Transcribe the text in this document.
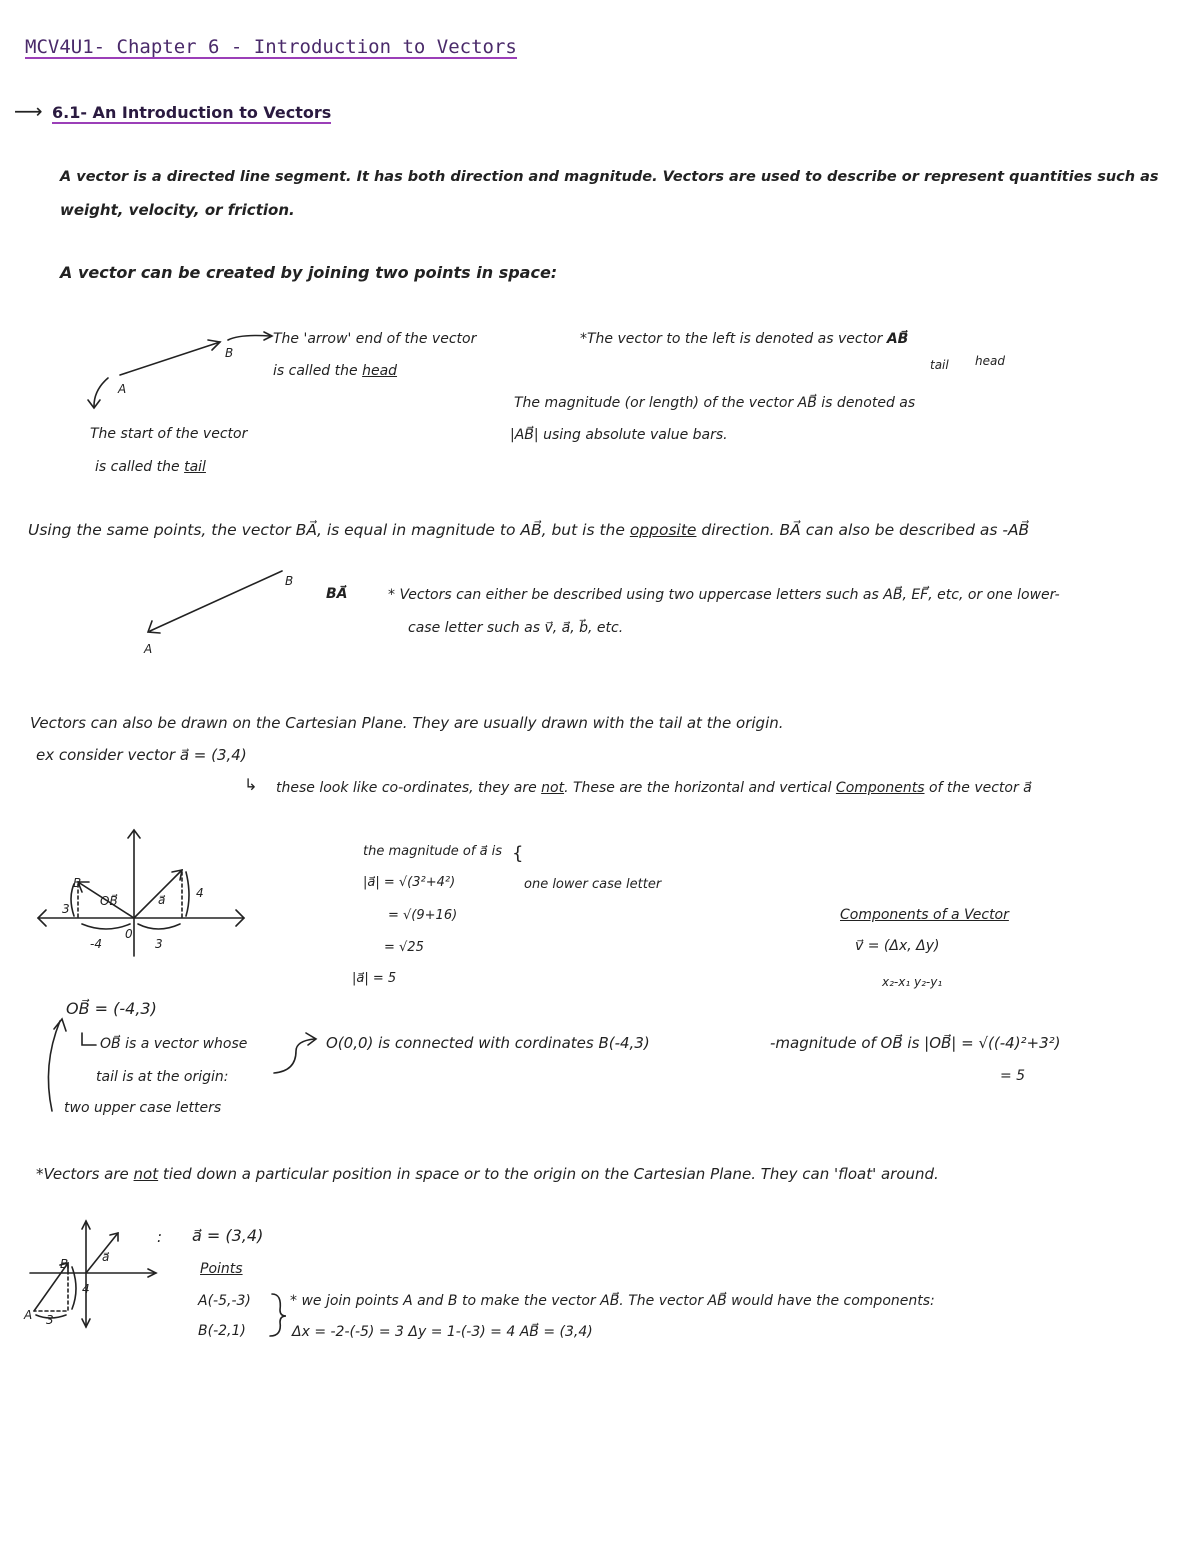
MCV4U1- Chapter 6 - Introduction to Vectors
⟶ 6.1- An Introduction to Vectors
A vector is a directed line segment. It has both direction and magnitude. Vectors are used to describe or represent quantities such as
weight, velocity, or friction.
A vector can be created by joining two points in space:
A
B
The 'arrow' end of the vector
is called the head
The start of the vector
is called the tail
*The vector to the left is denoted as vector AB⃗
tail head
The magnitude (or length) of the vector AB⃗ is denoted as
|AB⃗| using absolute value bars.
Using the same points, the vector BA⃗, is equal in magnitude to AB⃗, but is the opposite direction. BA⃗ can also be described as -AB⃗
A
B
BA⃗	* Vectors can either be described using two uppercase letters such as AB⃗, EF⃗, etc, or one lower-
case letter such as v⃗, a⃗, b⃗, etc.
Vectors can also be drawn on the Cartesian Plane. They are usually drawn with the tail at the origin.
ex consider vector a⃗ = (3,4)
↳ these look like co-ordinates, they are not. These are the horizontal and vertical Components of the vector a⃗
B
OB⃗	a⃗	4
3
-4
0
3
the magnitude of a⃗ is
|a⃗| = √(3²+4²)
= √(9+16)
= √25
|a⃗| = 5
{
one lower case letter
Components of a Vector
v⃗ = (Δx, Δy)
x₂-x₁ y₂-y₁
OB⃗ = (-4,3)
OB⃗ is a vector whose
tail is at the origin:
two upper case letters
O(0,0) is connected with cordinates B(-4,3)	-magnitude of OB⃗ is |OB⃗| = √((-4)²+3²)
= 5
*Vectors are not tied down a particular position in space or to the origin on the Cartesian Plane. They can 'float' around.
A
B	a⃗
3
4
: a⃗ = (3,4)
Points
A(-5,-3)
B(-2,1)
* we join points A and B to make the vector AB⃗. The vector AB⃗ would have the components:
Δx = -2-(-5) = 3 Δy = 1-(-3) = 4 AB⃗ = (3,4)
